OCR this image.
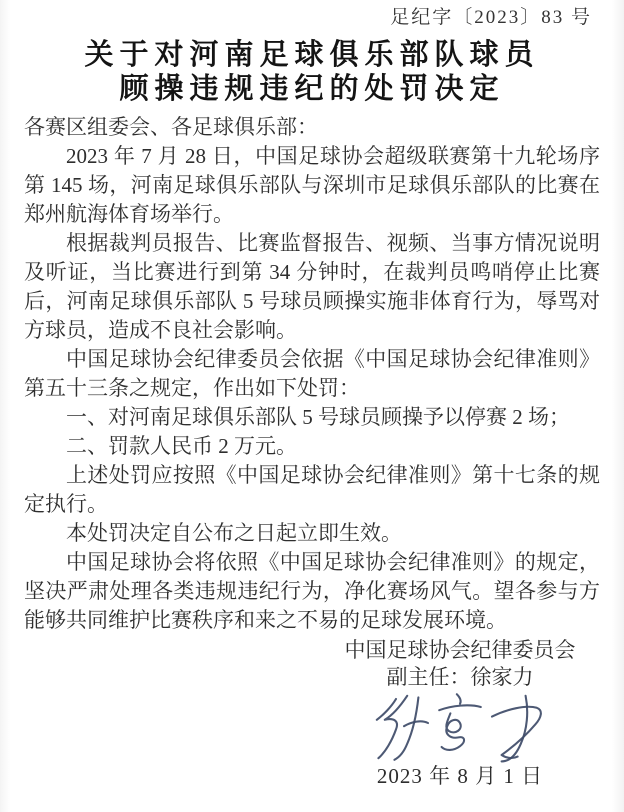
足纪字〔2023〕83 号
关于对河南足球俱乐部队球员
顾操违规违纪的处罚决定

各赛区组委会、各足球俱乐部：

2023 年 7 月 28 日，中国足球协会超级联赛第十九轮场序第 145 场，河南足球俱乐部队与深圳市足球俱乐部队的比赛在郑州航海体育场举行。

根据裁判员报告、比赛监督报告、视频、当事方情况说明及听证，当比赛进行到第 34 分钟时，在裁判员鸣哨停止比赛后，河南足球俱乐部队 5 号球员顾操实施非体育行为，辱骂对方球员，造成不良社会影响。

中国足球协会纪律委员会依据《中国足球协会纪律准则》第五十三条之规定，作出如下处罚：

一、对河南足球俱乐部队 5 号球员顾操予以停赛 2 场；

二、罚款人民币 2 万元。

上述处罚应按照《中国足球协会纪律准则》第十七条的规定执行。

本处罚决定自公布之日起立即生效。

中国足球协会将依照《中国足球协会纪律准则》的规定，坚决严肃处理各类违规违纪行为，净化赛场风气。望各参与方能够共同维护比赛秩序和来之不易的足球发展环境。

中国足球协会纪律委员会
副主任：徐家力
2023 年 8 月 1 日
